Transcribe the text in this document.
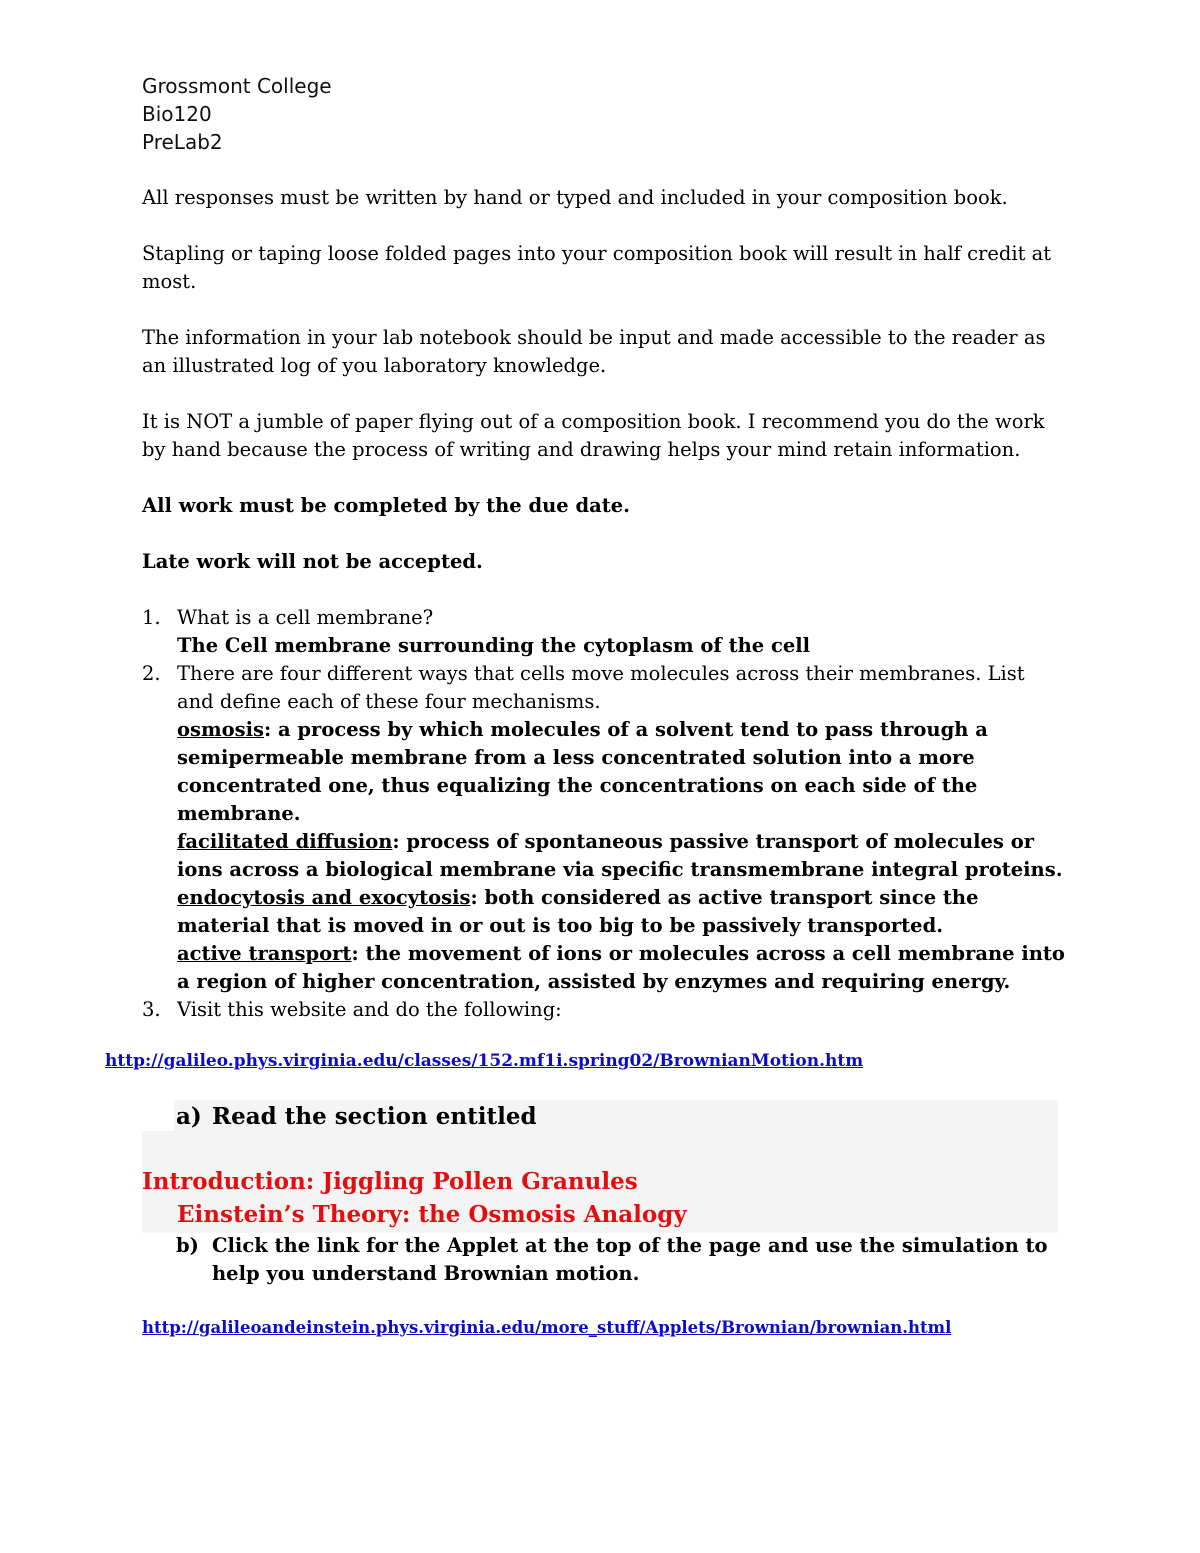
Grossmont College
Bio120
PreLab2
All responses must be written by hand or typed and included in your composition book.
Stapling or taping loose folded pages into your composition book will result in half credit at
most.
The information in your lab notebook should be input and made accessible to the reader as
an illustrated log of you laboratory knowledge.
It is NOT a jumble of paper flying out of a composition book. I recommend you do the work
by hand because the process of writing and drawing helps your mind retain information.
All work must be completed by the due date.
Late work will not be accepted.
1. What is a cell membrane?
The Cell membrane surrounding the cytoplasm of the cell
2. There are four different ways that cells move molecules across their membranes. List
and define each of these four mechanisms.
osmosis: a process by which molecules of a solvent tend to pass through a
semipermeable membrane from a less concentrated solution into a more
concentrated one, thus equalizing the concentrations on each side of the
membrane.
facilitated diffusion: process of spontaneous passive transport of molecules or
ions across a biological membrane via specific transmembrane integral proteins.
endocytosis and exocytosis: both considered as active transport since the
material that is moved in or out is too big to be passively transported.
active transport: the movement of ions or molecules across a cell membrane into
a region of higher concentration, assisted by enzymes and requiring energy.
3. Visit this website and do the following:
http://galileo.phys.virginia.edu/classes/152.mf1i.spring02/BrownianMotion.htm
a) Read the section entitled
Introduction: Jiggling Pollen Granules
Einstein’s Theory: the Osmosis Analogy
b) Click the link for the Applet at the top of the page and use the simulation to
help you understand Brownian motion.
http://galileoandeinstein.phys.virginia.edu/more_stuff/Applets/Brownian/brownian.html
